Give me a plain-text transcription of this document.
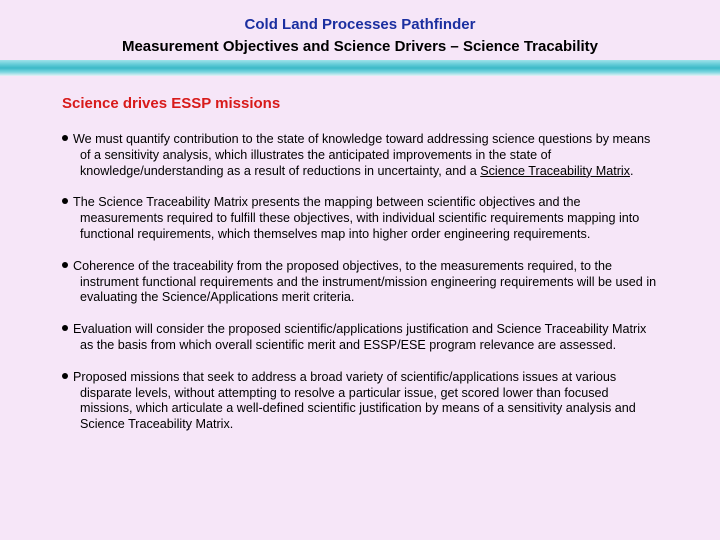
Cold Land Processes Pathfinder
Measurement Objectives and Science Drivers – Science Tracability
Science drives ESSP missions
We must quantify contribution to the state of knowledge toward addressing science questions by means of a sensitivity analysis, which illustrates the anticipated improvements in the state of knowledge/understanding as a result of reductions in uncertainty, and a Science Traceability Matrix.
The Science Traceability Matrix presents the mapping between scientific objectives and the measurements required to fulfill these objectives, with individual scientific requirements mapping into functional requirements, which themselves map into higher order engineering requirements.
Coherence of the traceability from the proposed objectives, to the measurements required, to the instrument functional requirements and the instrument/mission engineering requirements will be used in evaluating the Science/Applications merit criteria.
Evaluation will consider the proposed scientific/applications justification and Science Traceability Matrix as the basis from which overall scientific merit and ESSP/ESE program relevance are assessed.
Proposed missions that seek to address a broad variety of scientific/applications issues at various disparate levels, without attempting to resolve a particular issue, get scored lower than focused missions, which articulate a well-defined scientific justification by means of a sensitivity analysis and Science Traceability Matrix.
